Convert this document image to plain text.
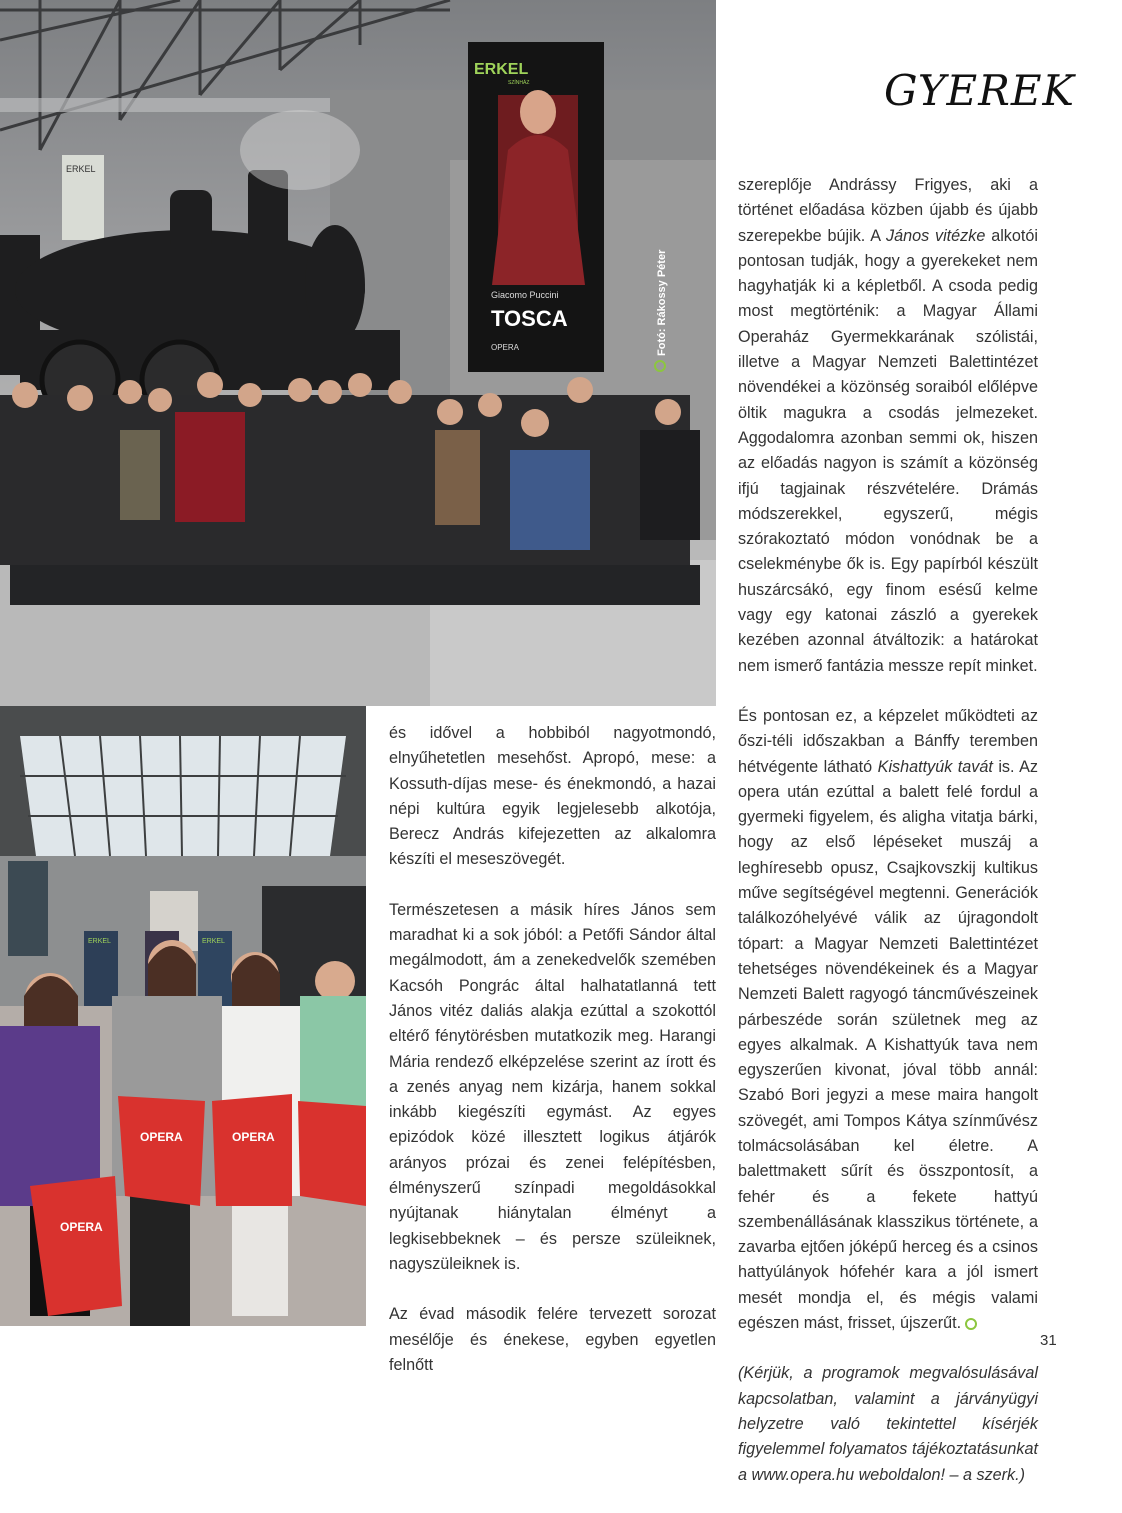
ERKEL
ERKEL
SZÍNHÁZ
Giacomo Puccini
TOSCA
OPERA	Fotó: Rákossy Péter
GYEREK
ERKEL	ERKEL
OPERA	OPERA
OPERA

és idővel a hobbiból nagyotmondó, elnyűhetetlen mesehőst. Apropó, mese: a Kossuth-díjas mese- és énekmondó, a hazai népi kultúra egyik legjelesebb alkotója, Berecz András kifejezetten az alkalomra készíti el meseszövegét.

Természetesen a másik híres János sem maradhat ki a sok jóból: a Petőfi Sándor által megálmodott, ám a zenekedvelők szemében Kacsóh Pongrác által halhatatlanná tett János vitéz daliás alakja ezúttal a szokottól eltérő fénytörésben mutatkozik meg. Harangi Mária rendező elképzelése szerint az írott és a zenés anyag nem kizárja, hanem sokkal inkább kiegészíti egymást. Az egyes epizódok közé illesztett logikus átjárók arányos prózai és zenei felépítésben, élményszerű színpadi megoldásokkal nyújtanak hiánytalan élményt a legkisebbeknek – és persze szüleiknek, nagyszüleiknek is.

Az évad második felére tervezett sorozat mesélője és énekese, egyben egyetlen felnőtt

szereplője Andrássy Frigyes, aki a történet előadása közben újabb és újabb szerepekbe bújik. A János vitézke alkotói pontosan tudják, hogy a gyerekeket nem hagyhatják ki a képletből. A csoda pedig most megtörténik: a Magyar Állami Operaház Gyermekkarának szólistái, illetve a Magyar Nemzeti Balettintézet növendékei a közönség soraiból előlépve öltik magukra a csodás jelmezeket. Aggodalomra azonban semmi ok, hiszen az előadás nagyon is számít a közönség ifjú tagjainak részvételére. Drámás módszerekkel, egyszerű, mégis szórakoztató módon vonódnak be a cselekménybe ők is. Egy papírból készült huszárcsákó, egy finom esésű kelme vagy egy katonai zászló a gyerekek kezében azonnal átváltozik: a határokat nem ismerő fantázia messze repít minket.

És pontosan ez, a képzelet működteti az őszi-téli időszakban a Bánffy teremben hétvégente látható Kishattyúk tavát is. Az opera után ezúttal a balett felé fordul a gyermeki figyelem, és aligha vitatja bárki, hogy az első lépéseket muszáj a leghíresebb opusz, Csajkovszkij kultikus műve segítségével megtenni. Generációk találkozóhelyévé válik az újragondolt tópart: a Magyar Nemzeti Balettintézet tehetséges növendékeinek és a Magyar Nemzeti Balett ragyogó táncművészeinek párbeszéde során születnek meg az egyes alkalmak. A Kishattyúk tava nem egyszerűen kivonat, jóval több annál: Szabó Bori jegyzi a mese maira hangolt szövegét, ami Tompos Kátya színművész tolmácsolásában kel életre. A balettmakett sűrít és összpontosít, a fehér és a fekete hattyú szembenállásának klasszikus története, a zavarba ejtően jóképű herceg és a csinos hattyúlányok hófehér kara a jól ismert mesét mondja el, és mégis valami egészen mást, frisset, újszerűt.

(Kérjük, a programok megvalósulásával kapcsolatban, valamint a járványügyi helyzetre való tekintettel kísérjék figyelemmel folyamatos tájékoztatásunkat a www.opera.hu weboldalon! – a szerk.)

31
